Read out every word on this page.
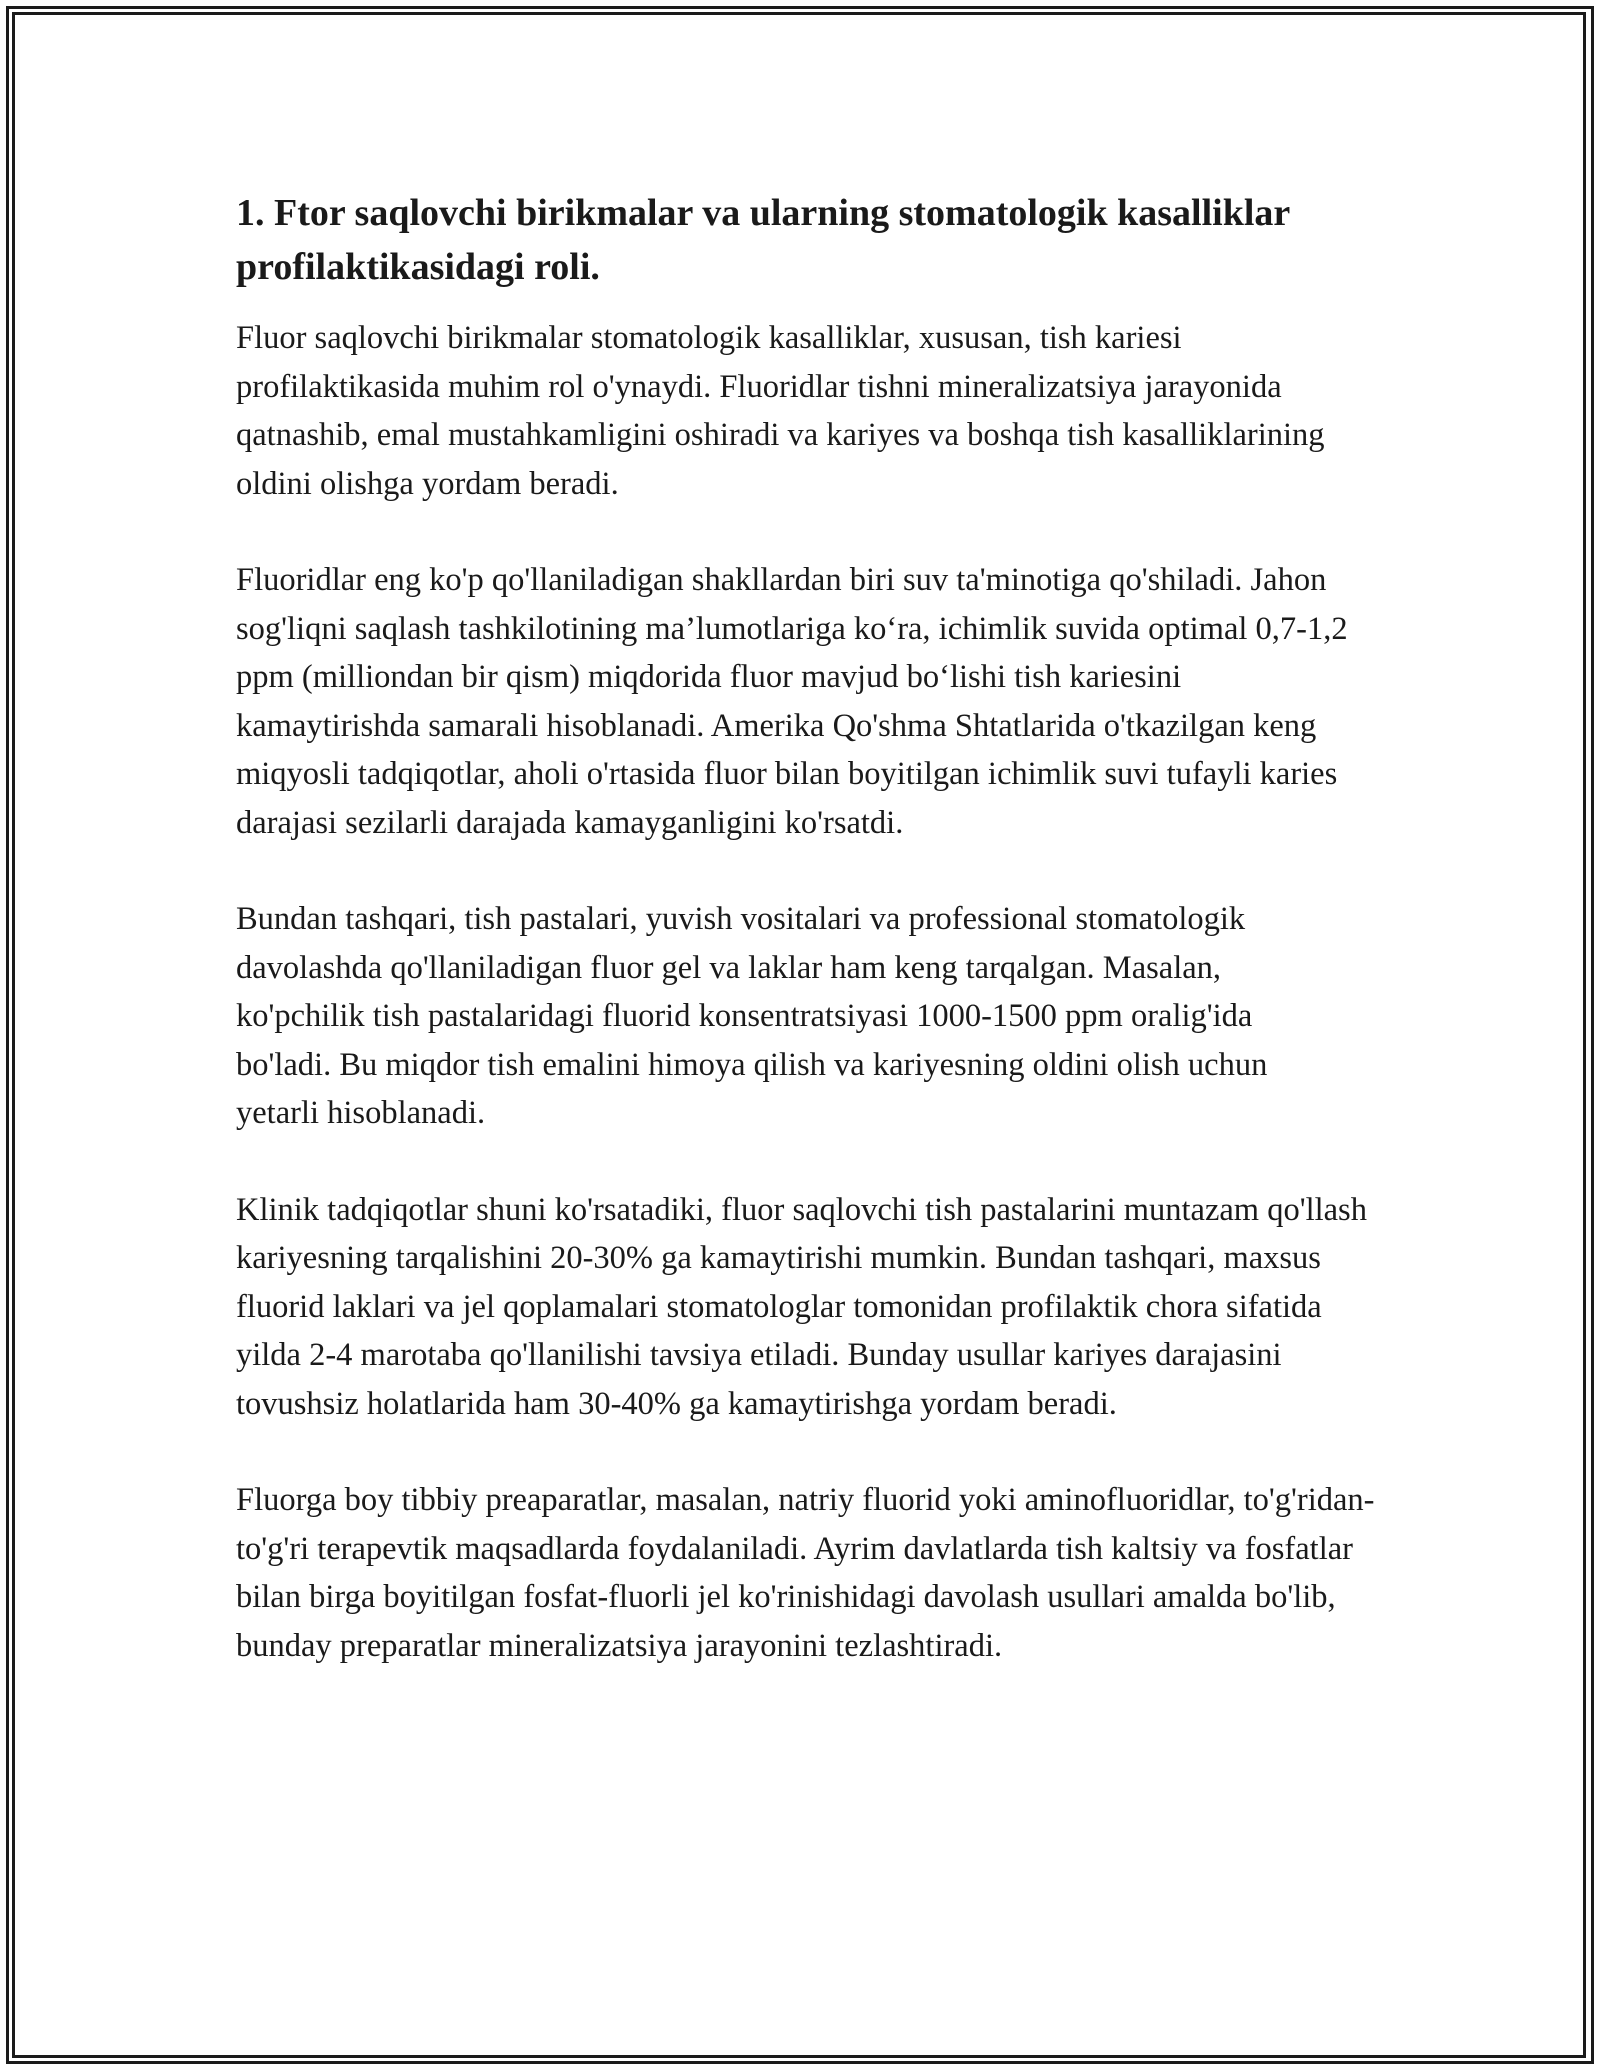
1. Ftor saqlovchi birikmalar va ularning stomatologik kasalliklar profilaktikasidagi roli.

Fluor saqlovchi birikmalar stomatologik kasalliklar, xususan, tish kariesi profilaktikasida muhim rol o'ynaydi. Fluoridlar tishni mineralizatsiya jarayonida qatnashib, emal mustahkamligini oshiradi va kariyes va boshqa tish kasalliklarining oldini olishga yordam beradi.

Fluoridlar eng ko'p qo'llaniladigan shakllardan biri suv ta'minotiga qo'shiladi. Jahon sog'liqni saqlash tashkilotining ma’lumotlariga ko‘ra, ichimlik suvida optimal 0,7-1,2 ppm (milliondan bir qism) miqdorida fluor mavjud bo‘lishi tish kariesini kamaytirishda samarali hisoblanadi. Amerika Qo'shma Shtatlarida o'tkazilgan keng miqyosli tadqiqotlar, aholi o'rtasida fluor bilan boyitilgan ichimlik suvi tufayli karies darajasi sezilarli darajada kamayganligini ko'rsatdi.

Bundan tashqari, tish pastalari, yuvish vositalari va professional stomatologik davolashda qo'llaniladigan fluor gel va laklar ham keng tarqalgan. Masalan, ko'pchilik tish pastalaridagi fluorid konsentratsiyasi 1000-1500 ppm oralig'ida bo'ladi. Bu miqdor tish emalini himoya qilish va kariyesning oldini olish uchun yetarli hisoblanadi.

Klinik tadqiqotlar shuni ko'rsatadiki, fluor saqlovchi tish pastalarini muntazam qo'llash kariyesning tarqalishini 20-30% ga kamaytirishi mumkin. Bundan tashqari, maxsus fluorid laklari va jel qoplamalari stomatologlar tomonidan profilaktik chora sifatida yilda 2-4 marotaba qo'llanilishi tavsiya etiladi. Bunday usullar kariyes darajasini tovushsiz holatlarida ham 30-40% ga kamaytirishga yordam beradi.

Fluorga boy tibbiy preaparatlar, masalan, natriy fluorid yoki aminofluoridlar, to'g'ridan-to'g'ri terapevtik maqsadlarda foydalaniladi. Ayrim davlatlarda tish kaltsiy va fosfatlar bilan birga boyitilgan fosfat-fluorli jel ko'rinishidagi davolash usullari amalda bo'lib, bunday preparatlar mineralizatsiya jarayonini tezlashtiradi.
